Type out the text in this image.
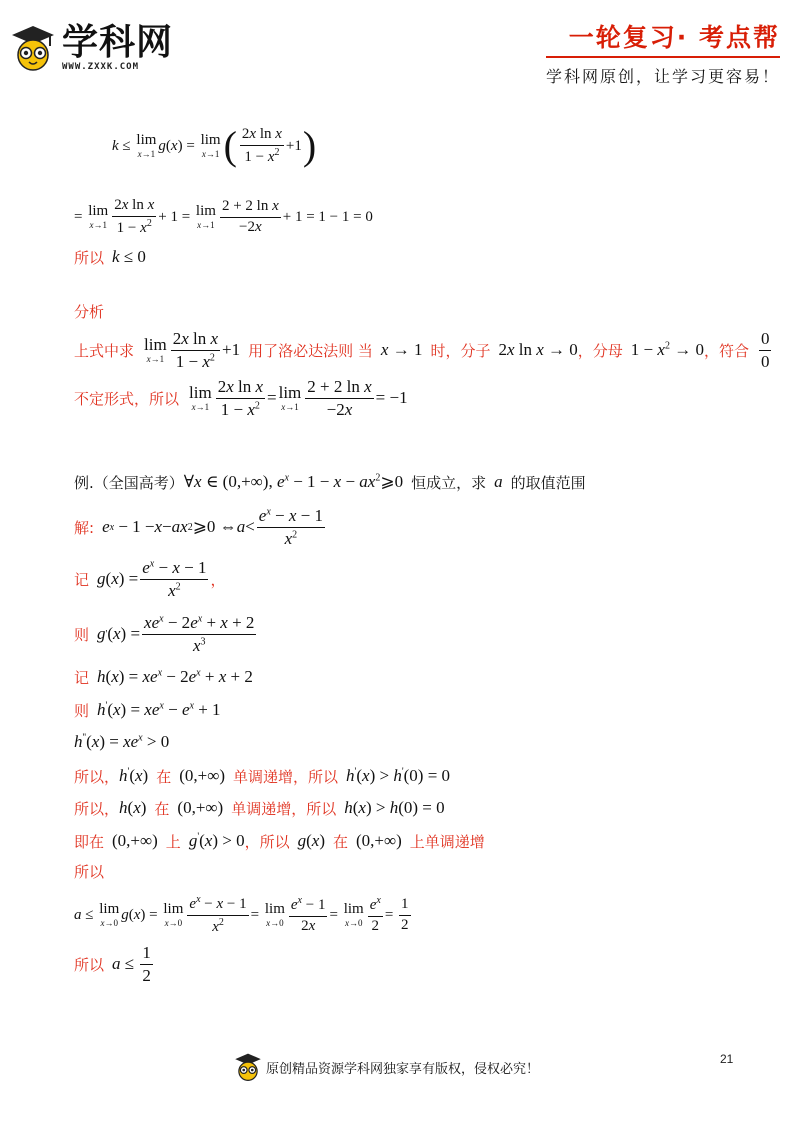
学科网
WWW.ZXXK.COM
一轮复习· 考点帮
学科网原创，让学习更容易！
k ≤ lim
x→1
g ( x ) = lim
x→1 ( $\frac{\text{2x ln x}}{1 - x^2} +1$ )
= lim
$x\to 1 \frac{\text{2x ln x}}{1 - x^2} + 1 = \lim$
$x\to 1 \frac{\text{2 + 2 ln x}}{-2x} + 1 = 1 - 1 = 0$
所以 k ≤ 0
分析
上式中求 lim
$x\to 1 \frac{\text{2x ln x}}{1 - x^2} +1$ 用了洛必达法则 当 x → 1 时，分子 2x ln x → 0 ，分母 $1 - x^2 \to 0$ ，符合 $\frac{0}{0}$
不定形式，所以 lim
$x\to 1 \frac{\text{2x ln x}}{1 - x^2} = \lim$
$x\to 1 \frac{\text{2 + 2 ln x}}{-2x} = -1$
例.（全国高考） ∀x ∈ (0,+∞), $e^x - 1 - x$ − $ax^2⩾0$ 恒成立，求 a 的取值范围
解: e x − 1 − x − ax 2 ⩾0 ⇔ $a < \frac{e^x - x - 1}{x^2}$
记 g ( x ) = $\frac{e^x - x - 1}{x^2}$ ，
则 g ' ( x ) = $\frac{xe^x - 2e^x + x + 2}{x^3}$
记 $h(x) = xe^x - 2e^x + x + 2$
则 $h'(x) = xe^x - e^x + 1$
$h''(x) = xe^x > 0$
所以， h'(x) 在 (0,+∞) 单调递增，所以 h'(x) > h'(0) = 0
所以， h(x) 在 (0,+∞) 单调递增，所以 h(x) > h(0) = 0
即在 (0,+∞) 上 g'(x) > 0 ，所以 g(x) 在 (0,+∞) 上单调递增
所以
a ≤ lim
x→0
g ( x ) = lim
$x\to 0 \frac{e^x - x - 1}{x^2} = \lim$
$x\to 0 \frac{e^x - 1}{2x} = \lim$
$x\to 0 \frac{e^x}{2} = \frac{1}{2}$
所以 $a \le \frac{1}{2}$
原创精品资源学科网独家享有版权，侵权必究！
21
